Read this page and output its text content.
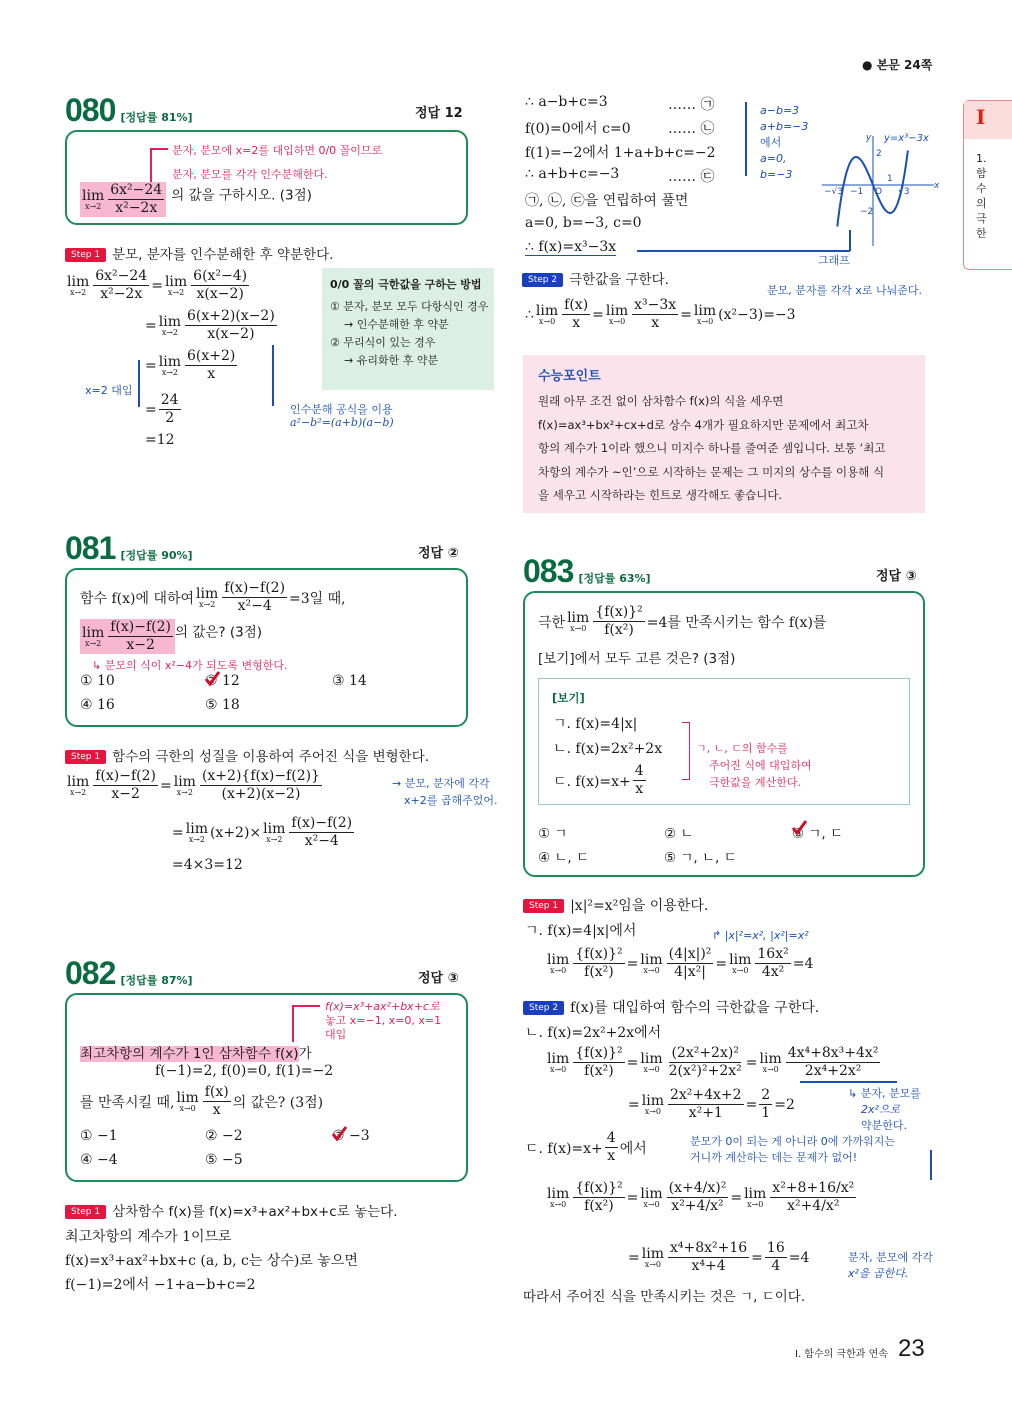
● 본문 24쪽
I
1. 함수의 극한
080 [정답률 81%]	정답 12
분자, 분모에 x=2를 대입하면 0/0 꼴이므로
분자, 분모를 각각 인수분해한다.
lim
$x\to 2 \frac{\text{6x²−24}}{\text{x²−2x}}$ 의 값을 구하시오. (3점)
Step 1 분모, 분자를 인수분해한 후 약분한다.
lim
$x\to 2 \frac{\text{6x²−24}}{\text{x²−2x}} = \lim$
$x\to 2 \frac{\text{6(x²−4)}}{x(x-2)}$
= lim
$x\to 2 \frac{6(x+2)(x-2)}{x(x-2)}$
= lim
$x\to 2 \frac{6(x+2)}{x}$
= $\frac{24}{2}$
=12
x=2 대입
인수분해 공식을 이용
a²−b²=(a+b)(a−b)
0/0 꼴의 극한값을 구하는 방법
① 분자, 분모 모두 다항식인 경우
→ 인수분해한 후 약분
② 무리식이 있는 경우
→ 유리화한 후 약분
081 [정답률 90%]	정답 ②
함수 f(x)에 대하여 lim
$x\to 2 \frac{f(x)-f(2)}{\text{x²−4}} =3$일 때,
lim
$x\to 2 \frac{f(x)-f(2)}{x-2}$ 의 값은? (3점)
↳ 분모의 식이 x²−4가 되도록 변형한다.
① 10	② 12	③ 14
④ 16	⑤ 18
Step 1 함수의 극한의 성질을 이용하여 주어진 식을 변형한다.
lim
$x\to 2 \frac{f(x)-f(2)}{x-2} = \lim$
$x\to 2 \frac{(x+2)\{f(x)-f(2)\}}{(x+2)(x-2)}$
= lim
x→2 (x+2)× lim
$x\to 2 \frac{f(x)-f(2)}{\text{x²−4}}$
=4×3=12
→ 분모, 분자에 각각
x+2를 곱해주었어.
082 [정답률 87%]	정답 ③
f(x)=x³+ax²+bx+c로
놓고 x=−1, x=0, x=1
대입
최고차항의 계수가 1인 삼차함수 f(x)가
f(−1)=2, f(0)=0, f(1)=−2
를 만족시킬 때, lim
$x\to 0 \frac{f(x)}{x}$ 의 값은? (3점)
① −1	② −2	③ −3
④ −4	⑤ −5
Step 1 삼차함수 f(x)를 f(x)=x³+ax²+bx+c로 놓는다.
최고차항의 계수가 1이므로
f(x)=x³+ax²+bx+c (a, b, c는 상수)로 놓으면
f(−1)=2에서 −1+a−b+c=2
∴ a−b+c=3
f(0)=0에서 c=0
f(1)=−2에서 1+a+b+c=−2
∴ a+b+c=−3
㉠, ㉡, ㉢을 연립하여 풀면
a=0, b=−3, c=0
∴ f(x)=x³−3x
…… ㉠
…… ㉡
…… ㉢
a−b=3
a+b=−3
에서
a=0,
b=−3
y y=x³−3x
x
O
−√3 −1
1
√3
2
−2
그래프
Step 2 극한값을 구한다.
분모, 분자를 각각 x로 나눠준다.
∴ lim
$x\to 0 \frac{f(x)}{x} = \lim$
$x\to 0 \frac{\text{x³−3x}}{x} = \lim$
x→0 (x²−3)=−3
수능포인트
원래 아무 조건 없이 삼차함수 f(x)의 식을 세우면
f(x)=ax³+bx²+cx+d로 상수 4개가 필요하지만 문제에서 최고차
항의 계수가 1이라 했으니 미지수 하나를 줄여준 셈입니다. 보통 ‘최고
차항의 계수가 ~인’으로 시작하는 문제는 그 미지의 상수를 이용해 식
을 세우고 시작하라는 힌트로 생각해도 좋습니다.
083 [정답률 63%]	정답 ③
극한 lim
$x\to 0 \frac{\text{\{f(x)\}²}}{\text{f(x²)}} =4$를 만족시키는 함수 f(x)를
[보기]에서 모두 고른 것은? (3점)
[보기]
ㄱ. f(x)=4|x|
ㄴ. f(x)=2x²+2x
ㄷ. $f(x)=x+ \frac{4}{x}$
ㄱ, ㄴ, ㄷ의 함수를
주어진 식에 대입하여
극한값을 계산한다.
① ㄱ	② ㄴ	③ ㄱ, ㄷ
④ ㄴ, ㄷ	⑤ ㄱ, ㄴ, ㄷ
Step 1 |x|²=x²임을 이용한다.
ㄱ. f(x)=4|x|에서	↱ |x|²=x², |x²|=x²
lim
$x\to 0 \frac{\text{\{f(x)\}²}}{\text{f(x²)}} = \lim$
$x\to 0 \frac{\text{(4|x|)²}}{\text{4|x²|}} = \lim$
$x\to 0 \frac{\text{16x²}}{\text{4x²}} =4$
Step 2 f(x)를 대입하여 함수의 극한값을 구한다.
ㄴ. f(x)=2x²+2x에서
lim
$x\to 0 \frac{\text{\{f(x)\}²}}{\text{f(x²)}} = \lim$
$x\to 0 \frac{\text{(2x²+2x)²}}{\text{2(x²)²+2x²}} = \lim$
$x\to 0 \frac{\text{4x⁴+8x³+4x²}}{\text{2x⁴+2x²}}$
= lim
$x\to 0 \frac{\text{2x²+4x+2}}{\text{x²+1}} = \frac{2}{1} =2$
↳ 분자, 분모를
2x²으로
약분한다.
ㄷ. $f(x)=x+ \frac{4}{x}$ 에서	분모가 0이 되는 게 아니라 0에 가까워지는
거니까 계산하는 데는 문제가 없어!
lim
$x\to 0 \frac{\text{\{f(x)\}²}}{\text{f(x²)}} = \lim$
$x\to 0 \frac{\text{(x+4/x)²}}{\text{x²+4/x²}} = \lim$
$x\to 0 \frac{\text{x²+8+16/x²}}{\text{x²+4/x²}}$
= lim
$x\to 0 \frac{\text{x⁴+8x²+16}}{\text{x⁴+4}} = \frac{16}{4} =4$	분자, 분모에 각각
x²을 곱한다.
따라서 주어진 식을 만족시키는 것은 ㄱ, ㄷ이다.
Ⅰ. 함수의 극한과 연속 23
